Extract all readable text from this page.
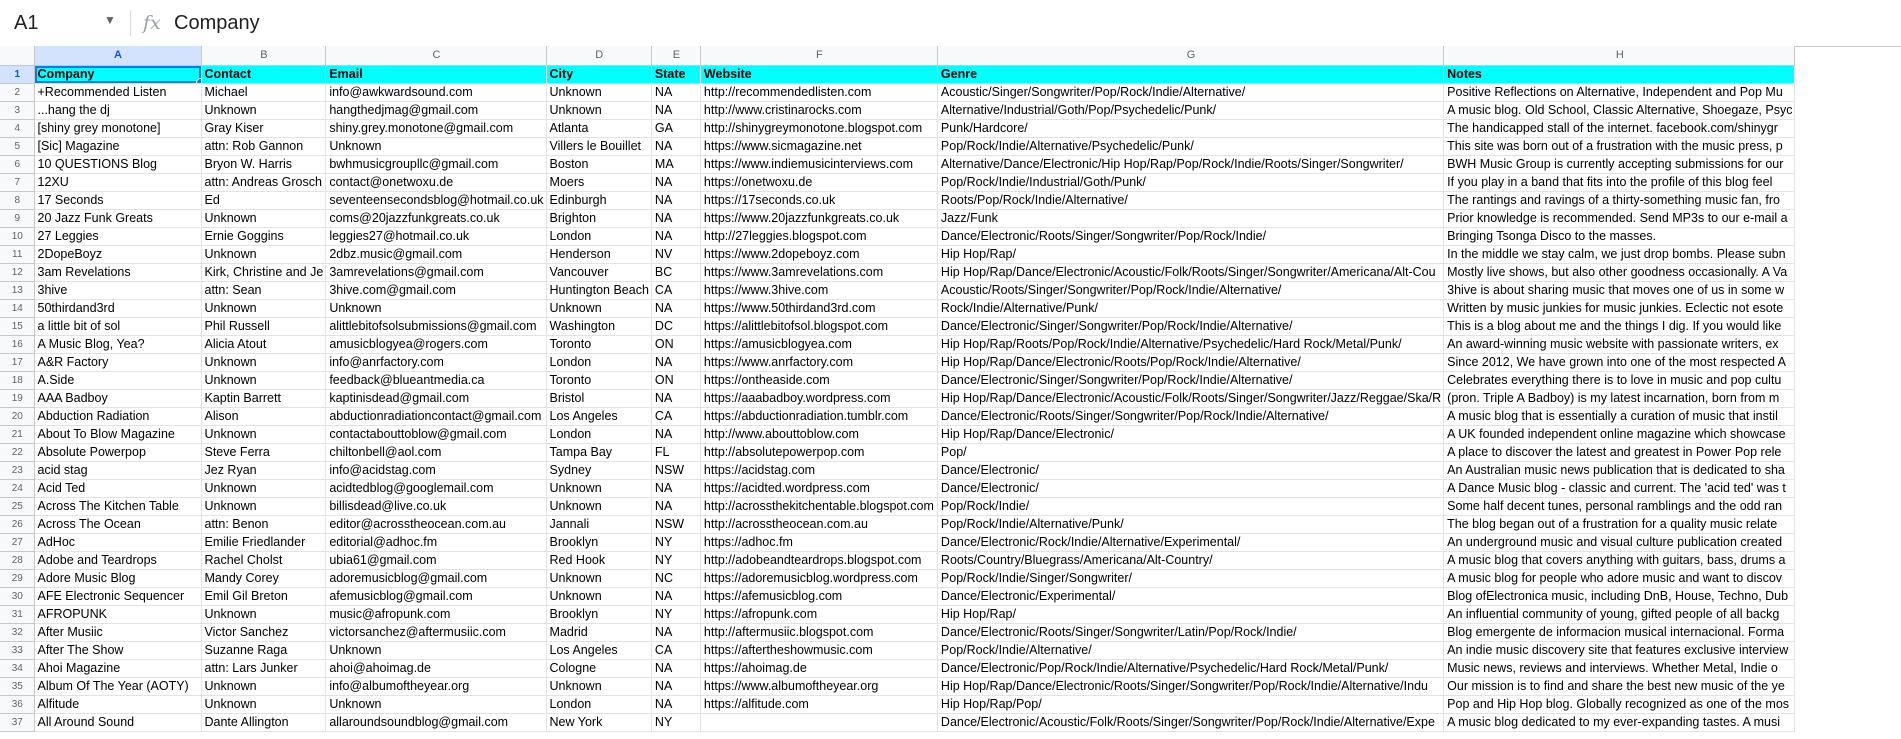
A1	▼ fx Company
	A	B	C	D	E	F	G	H
1	Company	Contact	Email	City	State	Website	Genre	Notes
2	+Recommended Listen	Michael	info@awkwardsound.com	Unknown	NA	http://recommendedlisten.com	Acoustic/Singer/Songwriter/Pop/Rock/Indie/Alternative/	Positive Reflections on Alternative, Independent and Pop Mu
3	...hang the dj	Unknown	hangthedjmag@gmail.com	Unknown	NA	http://www.cristinarocks.com	Alternative/Industrial/Goth/Pop/Psychedelic/Punk/	A music blog. Old School, Classic Alternative, Shoegaze, Psyc
4	[shiny grey monotone]	Gray Kiser	shiny.grey.monotone@gmail.com	Atlanta	GA	http://shinygreymonotone.blogspot.com	Punk/Hardcore/	The handicapped stall of the internet. facebook.com/shinygr
5	[Sic] Magazine	attn: Rob Gannon	Unknown	Villers le Bouillet	NA	https://www.sicmagazine.net	Pop/Rock/Indie/Alternative/Psychedelic/Punk/	This site was born out of a frustration with the music press, p
6	10 QUESTIONS Blog	Bryon W. Harris	bwhmusicgroupllc@gmail.com	Boston	MA	https://www.indiemusicinterviews.com	Alternative/Dance/Electronic/Hip Hop/Rap/Pop/Rock/Indie/Roots/Singer/Songwriter/	BWH Music Group is currently accepting submissions for our
7	12XU	attn: Andreas Grosch	contact@onetwoxu.de	Moers	NA	https://onetwoxu.de	Pop/Rock/Indie/Industrial/Goth/Punk/	If you play in a band that fits into the profile of this blog feel
8	17 Seconds	Ed	seventeensecondsblog@hotmail.co.uk	Edinburgh	NA	https://17seconds.co.uk	Roots/Pop/Rock/Indie/Alternative/	The rantings and ravings of a thirty-something music fan, fro
9	20 Jazz Funk Greats	Unknown	coms@20jazzfunkgreats.co.uk	Brighton	NA	https://www.20jazzfunkgreats.co.uk	Jazz/Funk	Prior knowledge is recommended. Send MP3s to our e-mail a
10	27 Leggies	Ernie Goggins	leggies27@hotmail.co.uk	London	NA	http://27leggies.blogspot.com	Dance/Electronic/Roots/Singer/Songwriter/Pop/Rock/Indie/	Bringing Tsonga Disco to the masses.
11	2DopeBoyz	Unknown	2dbz.music@gmail.com	Henderson	NV	https://www.2dopeboyz.com	Hip Hop/Rap/	In the middle we stay calm, we just drop bombs. Please subn
12	3am Revelations	Kirk, Christine and Je	3amrevelations@gmail.com	Vancouver	BC	https://www.3amrevelations.com	Hip Hop/Rap/Dance/Electronic/Acoustic/Folk/Roots/Singer/Songwriter/Americana/Alt-Cou	Mostly live shows, but also other goodness occasionally. A Va
13	3hive	attn: Sean	3hive.com@gmail.com	Huntington Beach	CA	https://www.3hive.com	Acoustic/Roots/Singer/Songwriter/Pop/Rock/Indie/Alternative/	3hive is about sharing music that moves one of us in some w
14	50thirdand3rd	Unknown	Unknown	Unknown	NA	https://www.50thirdand3rd.com	Rock/Indie/Alternative/Punk/	Written by music junkies for music junkies. Eclectic not esote
15	a little bit of sol	Phil Russell	alittlebitofsolsubmissions@gmail.com	Washington	DC	https://alittlebitofsol.blogspot.com	Dance/Electronic/Singer/Songwriter/Pop/Rock/Indie/Alternative/	This is a blog about me and the things I dig. If you would like
16	A Music Blog, Yea?	Alicia Atout	amusicblogyea@rogers.com	Toronto	ON	https://amusicblogyea.com	Hip Hop/Rap/Roots/Pop/Rock/Indie/Alternative/Psychedelic/Hard Rock/Metal/Punk/	An award-winning music website with passionate writers, ex
17	A&R Factory	Unknown	info@anrfactory.com	London	NA	https://www.anrfactory.com	Hip Hop/Rap/Dance/Electronic/Roots/Pop/Rock/Indie/Alternative/	Since 2012, We have grown into one of the most respected A
18	A.Side	Unknown	feedback@blueantmedia.ca	Toronto	ON	https://ontheaside.com	Dance/Electronic/Singer/Songwriter/Pop/Rock/Indie/Alternative/	Celebrates everything there is to love in music and pop cultu
19	AAA Badboy	Kaptin Barrett	kaptinisdead@gmail.com	Bristol	NA	https://aaabadboy.wordpress.com	Hip Hop/Rap/Dance/Electronic/Acoustic/Folk/Roots/Singer/Songwriter/Jazz/Reggae/Ska/R	(pron. Triple A Badboy) is my latest incarnation, born from m
20	Abduction Radiation	Alison	abductionradiationcontact@gmail.com	Los Angeles	CA	https://abductionradiation.tumblr.com	Dance/Electronic/Roots/Singer/Songwriter/Pop/Rock/Indie/Alternative/	A music blog that is essentially a curation of music that instil
21	About To Blow Magazine	Unknown	contactabouttoblow@gmail.com	London	NA	http://www.abouttoblow.com	Hip Hop/Rap/Dance/Electronic/	A UK founded independent online magazine which showcase
22	Absolute Powerpop	Steve Ferra	chiltonbell@aol.com	Tampa Bay	FL	http://absolutepowerpop.com	Pop/	A place to discover the latest and greatest in Power Pop rele
23	acid stag	Jez Ryan	info@acidstag.com	Sydney	NSW	https://acidstag.com	Dance/Electronic/	An Australian music news publication that is dedicated to sha
24	Acid Ted	Unknown	acidtedblog@googlemail.com	Unknown	NA	https://acidted.wordpress.com	Dance/Electronic/	A Dance Music blog - classic and current. The 'acid ted' was t
25	Across The Kitchen Table	Unknown	billisdead@live.co.uk	Unknown	NA	http://acrossthekitchentable.blogspot.com	Pop/Rock/Indie/	Some half decent tunes, personal ramblings and the odd ran
26	Across The Ocean	attn: Benon	editor@acrosstheocean.com.au	Jannali	NSW	http://acrosstheocean.com.au	Pop/Rock/Indie/Alternative/Punk/	The blog began out of a frustration for a quality music relate
27	AdHoc	Emilie Friedlander	editorial@adhoc.fm	Brooklyn	NY	https://adhoc.fm	Dance/Electronic/Rock/Indie/Alternative/Experimental/	An underground music and visual culture publication created
28	Adobe and Teardrops	Rachel Cholst	ubia61@gmail.com	Red Hook	NY	http://adobeandteardrops.blogspot.com	Roots/Country/Bluegrass/Americana/Alt-Country/	A music blog that covers anything with guitars, bass, drums a
29	Adore Music Blog	Mandy Corey	adoremusicblog@gmail.com	Unknown	NC	https://adoremusicblog.wordpress.com	Pop/Rock/Indie/Singer/Songwriter/	A music blog for people who adore music and want to discov
30	AFE Electronic Sequencer	Emil Gil Breton	afemusicblog@gmail.com	Unknown	NA	https://afemusicblog.com	Dance/Electronic/Experimental/	Blog ofElectronica music, including DnB, House, Techno, Dub
31	AFROPUNK	Unknown	music@afropunk.com	Brooklyn	NY	https://afropunk.com	Hip Hop/Rap/	An influential community of young, gifted people of all backg
32	After Musiic	Victor Sanchez	victorsanchez@aftermusiic.com	Madrid	NA	http://aftermusiic.blogspot.com	Dance/Electronic/Roots/Singer/Songwriter/Latin/Pop/Rock/Indie/	Blog emergente de informacion musical internacional. Forma
33	After The Show	Suzanne Raga	Unknown	Los Angeles	CA	https://aftertheshowmusic.com	Pop/Rock/Indie/Alternative/	An indie music discovery site that features exclusive interview
34	Ahoi Magazine	attn: Lars Junker	ahoi@ahoimag.de	Cologne	NA	https://ahoimag.de	Dance/Electronic/Pop/Rock/Indie/Alternative/Psychedelic/Hard Rock/Metal/Punk/	Music news, reviews and interviews. Whether Metal, Indie o
35	Album Of The Year (AOTY)	Unknown	info@albumoftheyear.org	Unknown	NA	https://www.albumoftheyear.org	Hip Hop/Rap/Dance/Electronic/Roots/Singer/Songwriter/Pop/Rock/Indie/Alternative/Indu	Our mission is to find and share the best new music of the ye
36	Alfitude	Unknown	Unknown	London	NA	https://alfitude.com	Hip Hop/Rap/Pop/	Pop and Hip Hop blog. Globally recognized as one of the mos
37	All Around Sound	Dante Allington	allaroundsoundblog@gmail.com	New York	NY		Dance/Electronic/Acoustic/Folk/Roots/Singer/Songwriter/Pop/Rock/Indie/Alternative/Expe	A music blog dedicated to my ever-expanding tastes. A musi
